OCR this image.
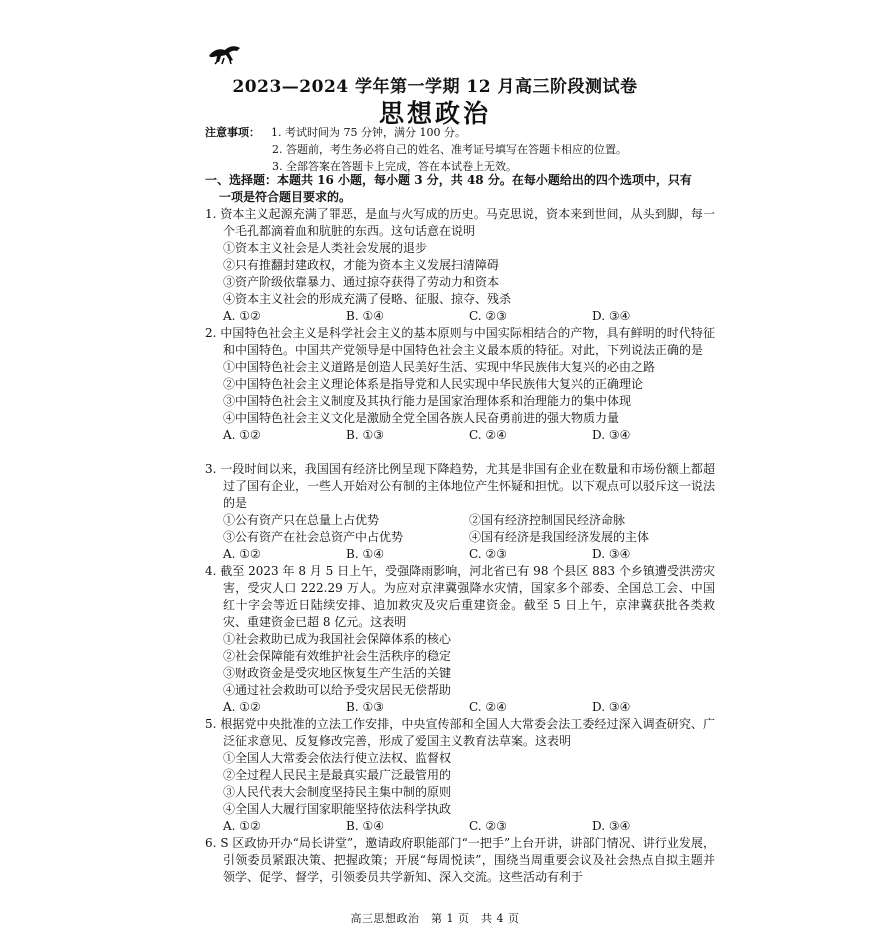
2023—2024 学年第一学期 12 月高三阶段测试卷
思想政治
注意事项： 1. 考试时间为 75 分钟，满分 100 分。
2. 答题前，考生务必将自己的姓名、准考证号填写在答题卡相应的位置。
3. 全部答案在答题卡上完成，答在本试卷上无效。
一、选择题：本题共 16 小题，每小题 3 分，共 48 分。在每小题给出的四个选项中，只有
一项是符合题目要求的。
1. 资本主义起源充满了罪恶，是血与火写成的历史。马克思说，资本来到世间，从头到脚，每一个毛孔都滴着血和肮脏的东西。这句话意在说明
①资本主义社会是人类社会发展的退步
②只有推翻封建政权，才能为资本主义发展扫清障碍
③资产阶级依靠暴力、通过掠夺获得了劳动力和资本
④资本主义社会的形成充满了侵略、征服、掠夺、残杀
A. ①②	B. ①④	C. ②③	D. ③④
2. 中国特色社会主义是科学社会主义的基本原则与中国实际相结合的产物，具有鲜明的时代特征和中国特色。中国共产党领导是中国特色社会主义最本质的特征。对此，下列说法正确的是
①中国特色社会主义道路是创造人民美好生活、实现中华民族伟大复兴的必由之路
②中国特色社会主义理论体系是指导党和人民实现中华民族伟大复兴的正确理论
③中国特色社会主义制度及其执行能力是国家治理体系和治理能力的集中体现
④中国特色社会主义文化是激励全党全国各族人民奋勇前进的强大物质力量
A. ①②	B. ①③	C. ②④	D. ③④
3. 一段时间以来，我国国有经济比例呈现下降趋势，尤其是非国有企业在数量和市场份额上都超过了国有企业，一些人开始对公有制的主体地位产生怀疑和担忧。以下观点可以驳斥这一说法的是
①公有资产只在总量上占优势	②国有经济控制国民经济命脉
③公有资产在社会总资产中占优势	④国有经济是我国经济发展的主体
A. ①②	B. ①④	C. ②③	D. ③④
4. 截至 2023 年 8 月 5 日上午，受强降雨影响，河北省已有 98 个县区 883 个乡镇遭受洪涝灾害，受灾人口 222.29 万人。为应对京津冀强降水灾情，国家多个部委、全国总工会、中国红十字会等近日陆续安排、追加救灾及灾后重建资金。截至 5 日上午，京津冀获批各类救灾、重建资金已超 8 亿元。这表明
①社会救助已成为我国社会保障体系的核心
②社会保障能有效维护社会生活秩序的稳定
③财政资金是受灾地区恢复生产生活的关键
④通过社会救助可以给予受灾居民无偿帮助
A. ①②	B. ①③	C. ②④	D. ③④
5. 根据党中央批准的立法工作安排，中央宣传部和全国人大常委会法工委经过深入调查研究、广泛征求意见、反复修改完善，形成了爱国主义教育法草案。这表明
①全国人大常委会依法行使立法权、监督权
②全过程人民民主是最真实最广泛最管用的
③人民代表大会制度坚持民主集中制的原则
④全国人大履行国家职能坚持依法科学执政
A. ①②	B. ①④	C. ②③	D. ③④
6. S 区政协开办“局长讲堂”，邀请政府职能部门“一把手”上台开讲，讲部门情况、讲行业发展，引领委员紧跟决策、把握政策；开展“每周悦读”，围绕当周重要会议及社会热点自拟主题并领学、促学、督学，引领委员共学新知、深入交流。这些活动有利于
高三思想政治　第 1 页　共 4 页
